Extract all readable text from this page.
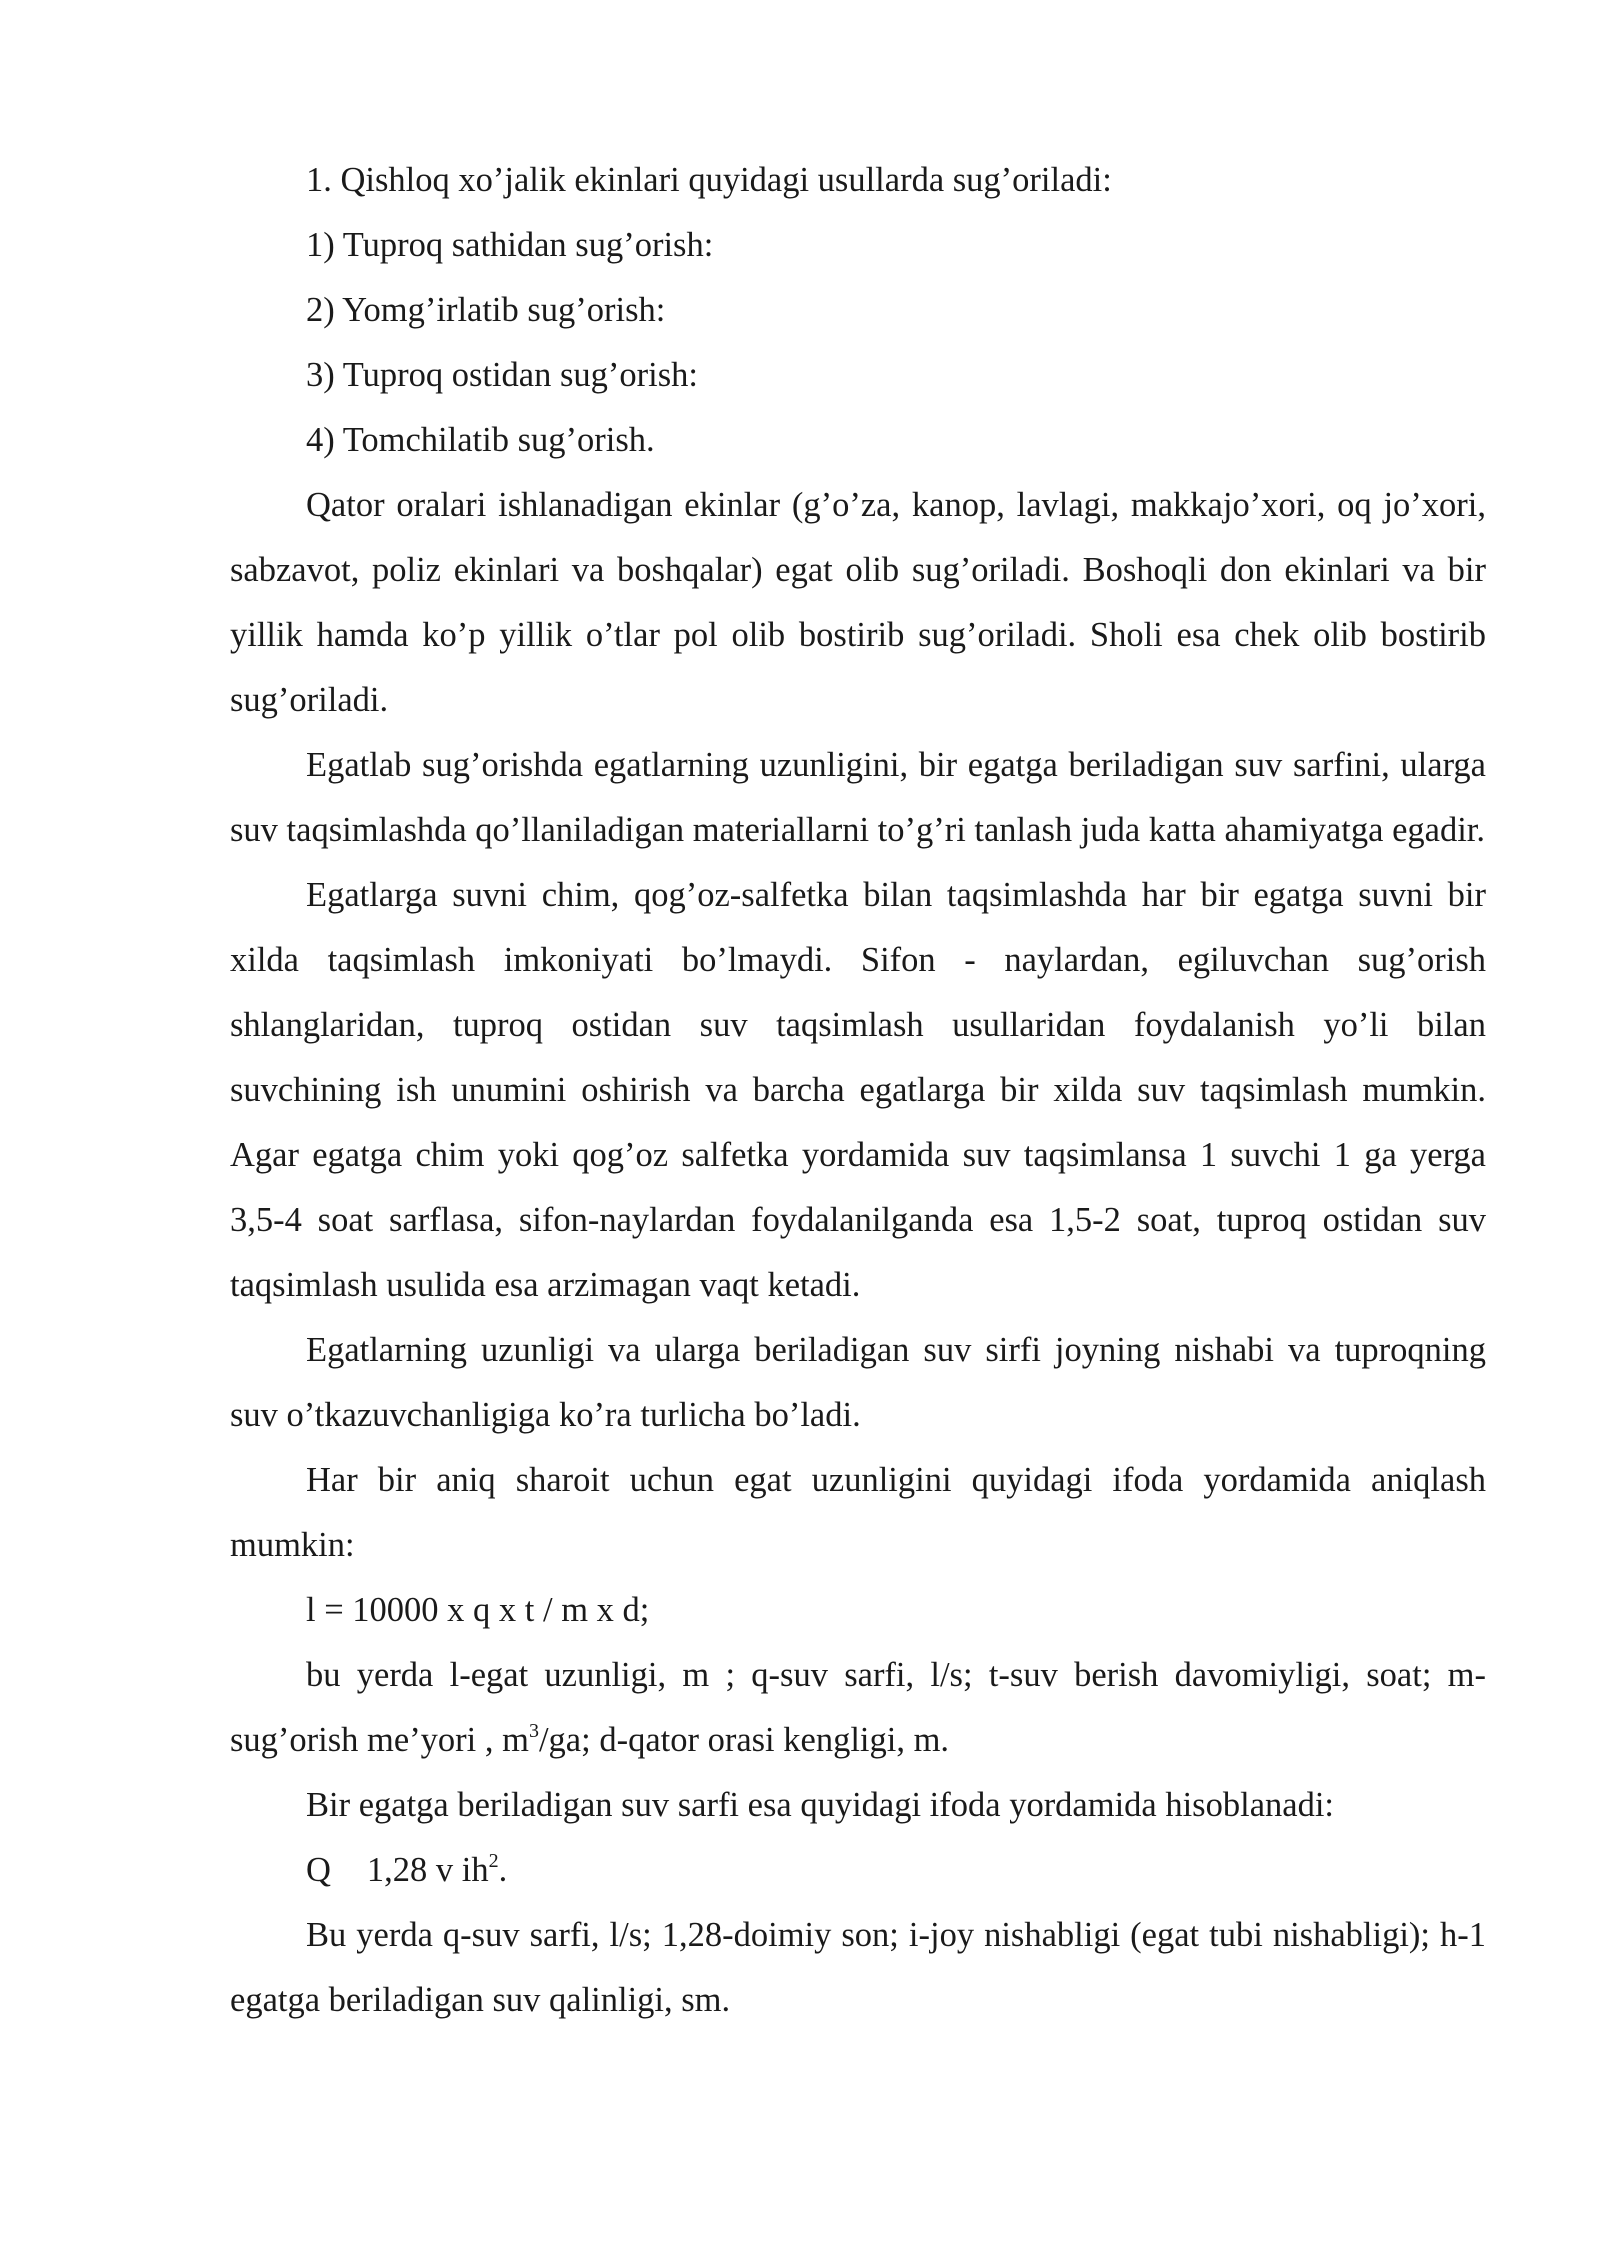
1. Qishloq xo’jalik ekinlari quyidagi usullarda sug’oriladi:

1) Tuproq sathidan sug’orish:

2) Yomg’irlatib sug’orish:

3) Tuproq ostidan sug’orish:

4) Tomchilatib sug’orish.

Qator oralari ishlanadigan ekinlar (g’o’za, kanop, lavlagi, makkajo’xori, oq jo’xori, sabzavot, poliz ekinlari va boshqalar) egat olib sug’oriladi. Boshoqli don ekinlari va bir yillik hamda ko’p yillik o’tlar pol olib bostirib sug’oriladi. Sholi esa chek olib bostirib sug’oriladi.

Egatlab sug’orishda egatlarning uzunligini, bir egatga beriladigan suv sarfini, ularga suv taqsimlashda qo’llaniladigan materiallarni to’g’ri tanlash juda katta ahamiyatga egadir.

Egatlarga suvni chim, qog’oz-salfetka bilan taqsimlashda har bir egatga suvni bir xilda taqsimlash imkoniyati bo’lmaydi. Sifon - naylardan, egiluvchan sug’orish shlanglaridan, tuproq ostidan suv taqsimlash usullaridan foydalanish yo’li bilan suvchining ish unumini oshirish va barcha egatlarga bir xilda suv taqsimlash mumkin. Agar egatga chim yoki qog’oz salfetka yordamida suv taqsimlansa 1 suvchi 1 ga yerga 3,5-4 soat sarflasa, sifon-naylardan foydalanilganda esa 1,5-2 soat, tuproq ostidan suv taqsimlash usulida esa arzimagan vaqt ketadi.

Egatlarning uzunligi va ularga beriladigan suv sirfi joyning nishabi va tuproqning suv o’tkazuvchanligiga ko’ra turlicha bo’ladi.

Har bir aniq sharoit uchun egat uzunligini quyidagi ifoda yordamida aniqlash mumkin:

l = 10000 x q x t / m x d;

bu yerda l-egat uzunligi, m ; q-suv sarfi, l/s; t-suv berish davomiyligi, soat; m-sug’orish me’yori , $m^3/ga$; d-qator orasi kengligi, m.

Bir egatga beriladigan suv sarfi esa quyidagi ifoda yordamida hisoblanadi:

Q 1,28 v $ih^2$.

Bu yerda q-suv sarfi, l/s; 1,28-doimiy son; i-joy nishabligi (egat tubi nishabligi); h-1 egatga beriladigan suv qalinligi, sm.
